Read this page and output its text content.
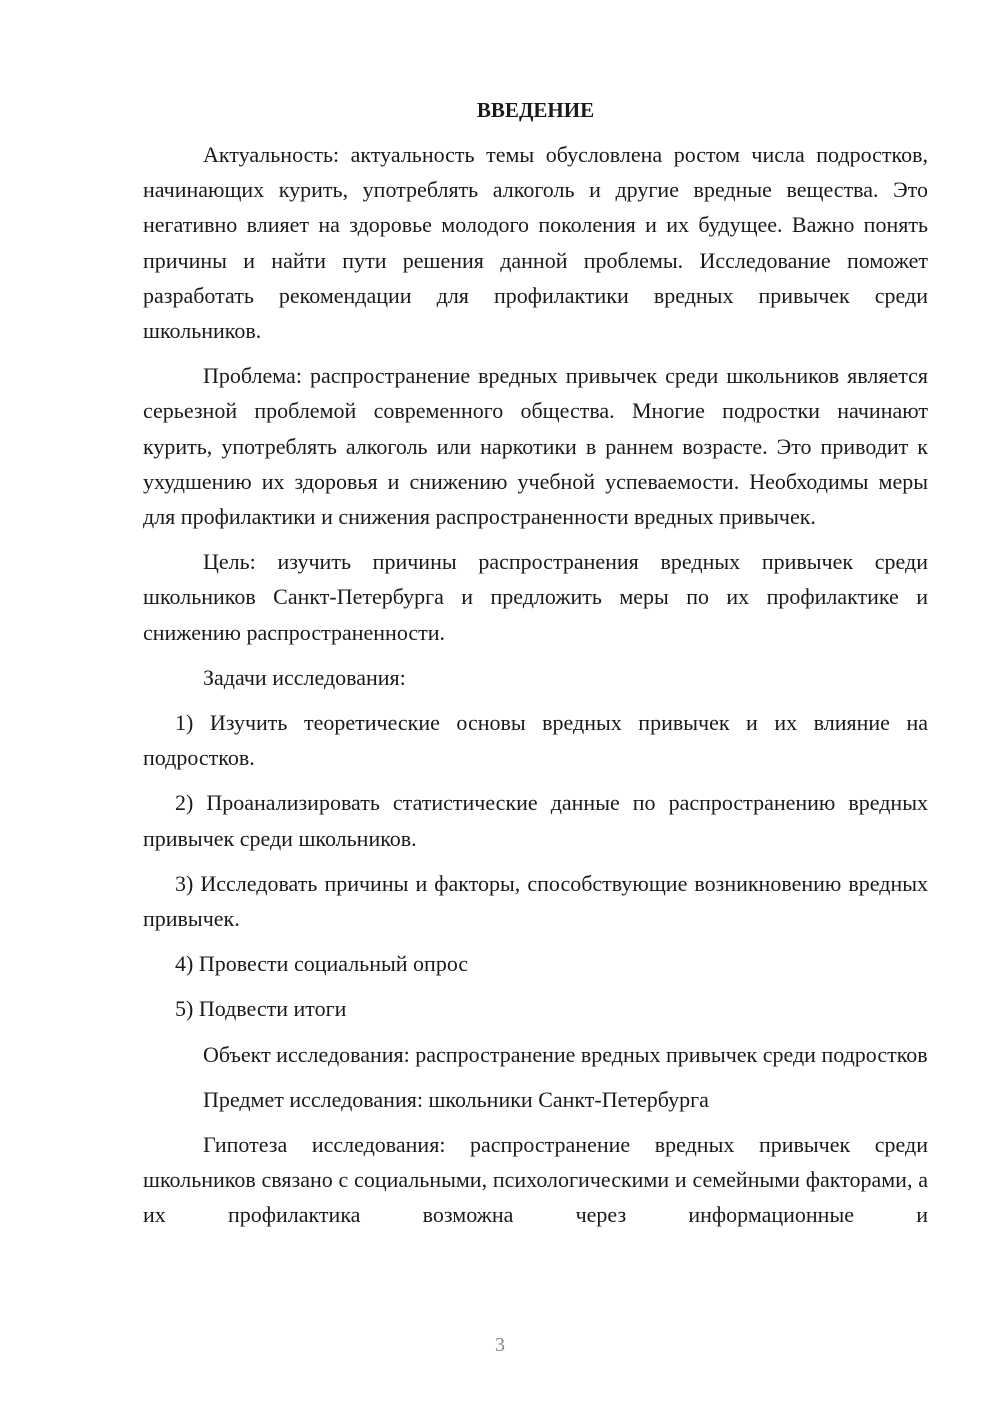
ВВЕДЕНИЕ

Актуальность: актуальность темы обусловлена ростом числа подростков, начинающих курить, употреблять алкоголь и другие вредные вещества. Это негативно влияет на здоровье молодого поколения и их будущее. Важно понять причины и найти пути решения данной проблемы. Исследование поможет разработать рекомендации для профилактики вредных привычек среди школьников.

Проблема: распространение вредных привычек среди школьников является серьезной проблемой современного общества. Многие подростки начинают курить, употреблять алкоголь или наркотики в раннем возрасте. Это приводит к ухудшению их здоровья и снижению учебной успеваемости. Необходимы меры для профилактики и снижения распространенности вредных привычек.

Цель: изучить причины распространения вредных привычек среди школьников Санкт-Петербурга и предложить меры по их профилактике и снижению распространенности.

Задачи исследования:

1) Изучить теоретические основы вредных привычек и их влияние на подростков.

2) Проанализировать статистические данные по распространению вредных привычек среди школьников.

3) Исследовать причины и факторы, способствующие возникновению вредных привычек.

4) Провести социальный опрос

5) Подвести итоги

Объект исследования: распространение вредных привычек среди подростков

Предмет исследования: школьники Санкт-Петербурга

Гипотеза исследования: распространение вредных привычек среди школьников связано с социальными, психологическими и семейными факторами, а их профилактика возможна через информационные и

3
